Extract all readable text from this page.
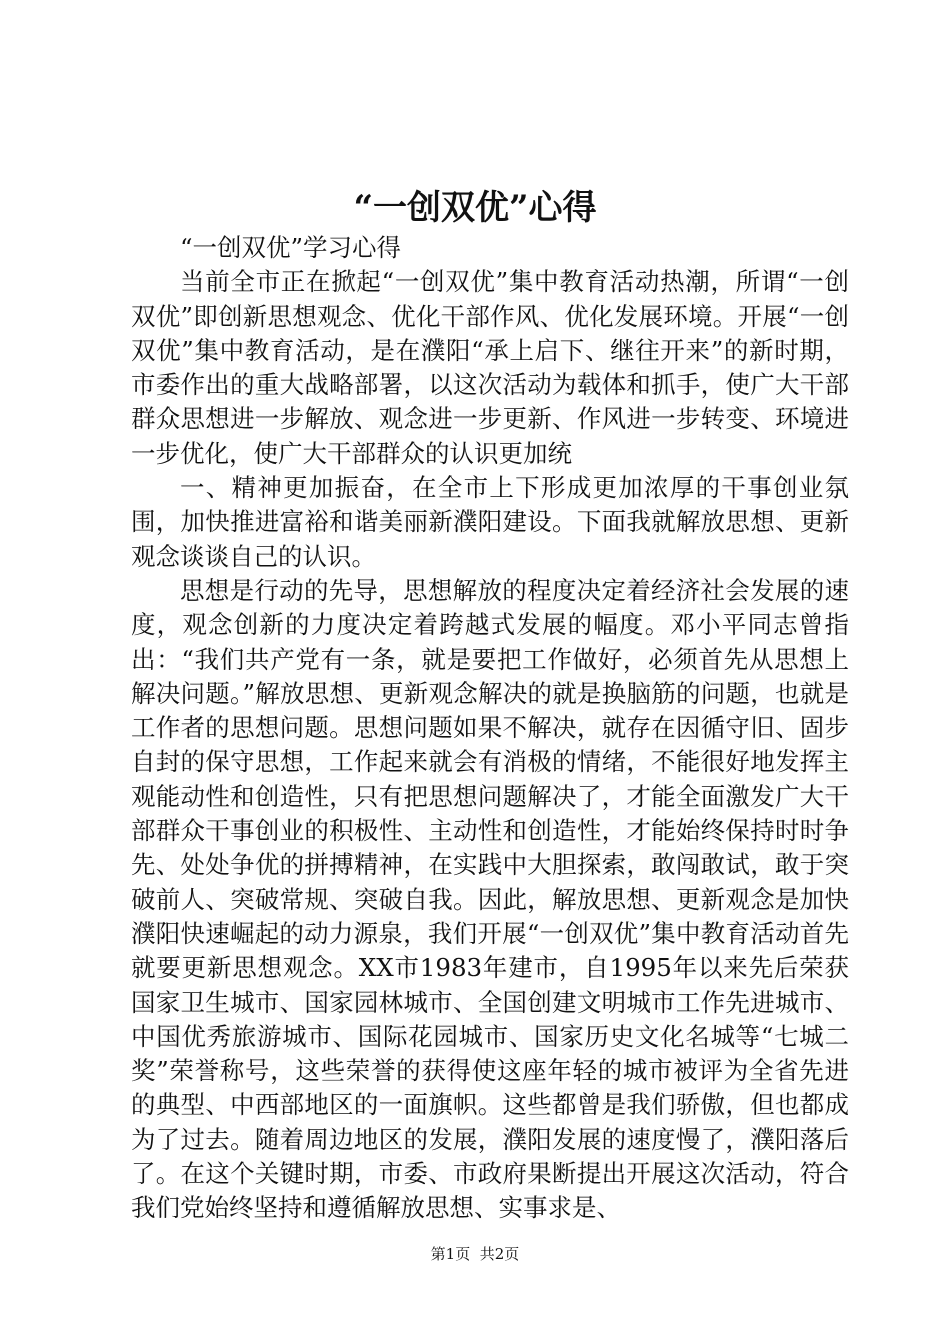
“一创双优”心得

“一创双优”学习心得

当前全市正在掀起“一创双优”集中教育活动热潮，所谓“一创双优”即创新思想观念、优化干部作风、优化发展环境。开展“一创双优”集中教育活动，是在濮阳“承上启下、继往开来”的新时期，市委作出的重大战略部署，以这次活动为载体和抓手，使广大干部群众思想进一步解放、观念进一步更新、作风进一步转变、环境进一步优化，使广大干部群众的认识更加统

一、精神更加振奋，在全市上下形成更加浓厚的干事创业氛围，加快推进富裕和谐美丽新濮阳建设。下面我就解放思想、更新观念谈谈自己的认识。

思想是行动的先导，思想解放的程度决定着经济社会发展的速度，观念创新的力度决定着跨越式发展的幅度。邓小平同志曾指出：“我们共产党有一条，就是要把工作做好，必须首先从思想上解决问题。”解放思想、更新观念解决的就是换脑筋的问题，也就是工作者的思想问题。思想问题如果不解决，就存在因循守旧、固步自封的保守思想，工作起来就会有消极的情绪，不能很好地发挥主观能动性和创造性，只有把思想问题解决了，才能全面激发广大干部群众干事创业的积极性、主动性和创造性，才能始终保持时时争先、处处争优的拼搏精神，在实践中大胆探索，敢闯敢试，敢于突破前人、突破常规、突破自我。因此，解放思想、更新观念是加快濮阳快速崛起的动力源泉，我们开展“一创双优”集中教育活动首先就要更新思想观念。XX市1983年建市，自1995年以来先后荣获国家卫生城市、国家园林城市、全国创建文明城市工作先进城市、中国优秀旅游城市、国际花园城市、国家历史文化名城等“七城二奖”荣誉称号，这些荣誉的获得使这座年轻的城市被评为全省先进的典型、中西部地区的一面旗帜。这些都曾是我们骄傲，但也都成为了过去。随着周边地区的发展，濮阳发展的速度慢了，濮阳落后了。在这个关键时期，市委、市政府果断提出开展这次活动，符合我们党始终坚持和遵循解放思想、实事求是、

第1页 共2页
